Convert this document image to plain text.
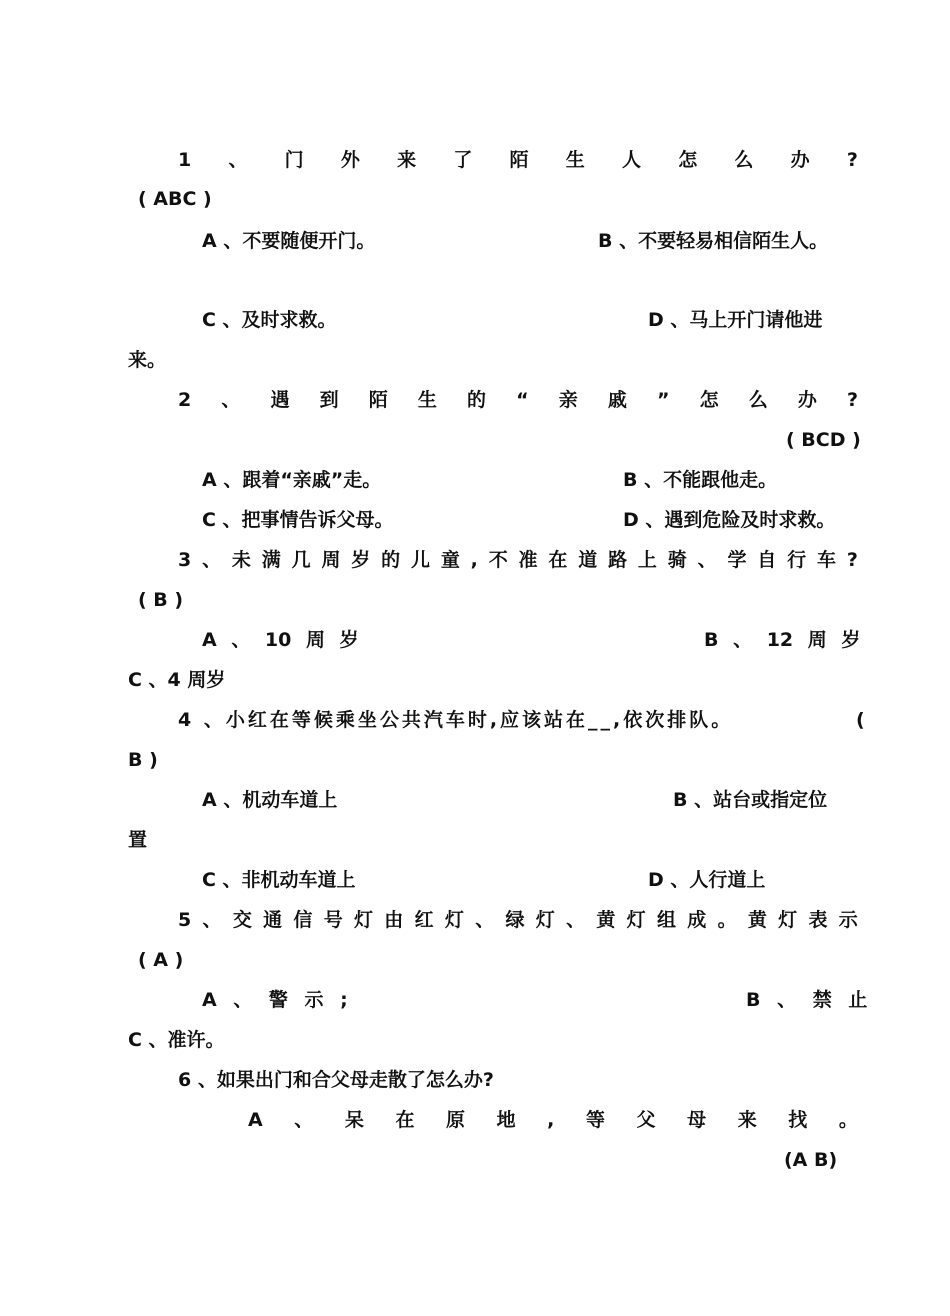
1 、 门 外 来 了 陌 生 人 怎 么 办 ?
( ABC )
A 、不要随便开门。	B 、不要轻易相信陌生人。
C 、及时求救。	D 、马上开门请他进
来。
2 、 遇 到 陌 生 的 “ 亲 戚 ” 怎 么 办 ?
( BCD )
A 、跟着“亲戚”走。	B 、不能跟他走。
C 、把事情告诉父母。	D 、遇到危险及时求救。
3 、 未 满 几 周 岁 的 儿 童 , 不 准 在 道 路 上 骑 、 学 自 行 车 ?
( B )
A 、 10 周 岁	B 、 12 周 岁
C 、4 周岁
4 、小红在等候乘坐公共汽车时,应该站在__,依次排队。	(
B )
A 、机动车道上	B 、站台或指定位
置
C 、非机动车道上	D 、人行道上
5 、 交 通 信 号 灯 由 红 灯 、 绿 灯 、 黄 灯 组 成 。 黄 灯 表 示
( A )
A 、 警 示 ;	B 、 禁 止
C 、准许。
6 、如果出门和合父母走散了怎么办?
A 、 呆 在 原 地 , 等 父 母 来 找 。
(A B)
